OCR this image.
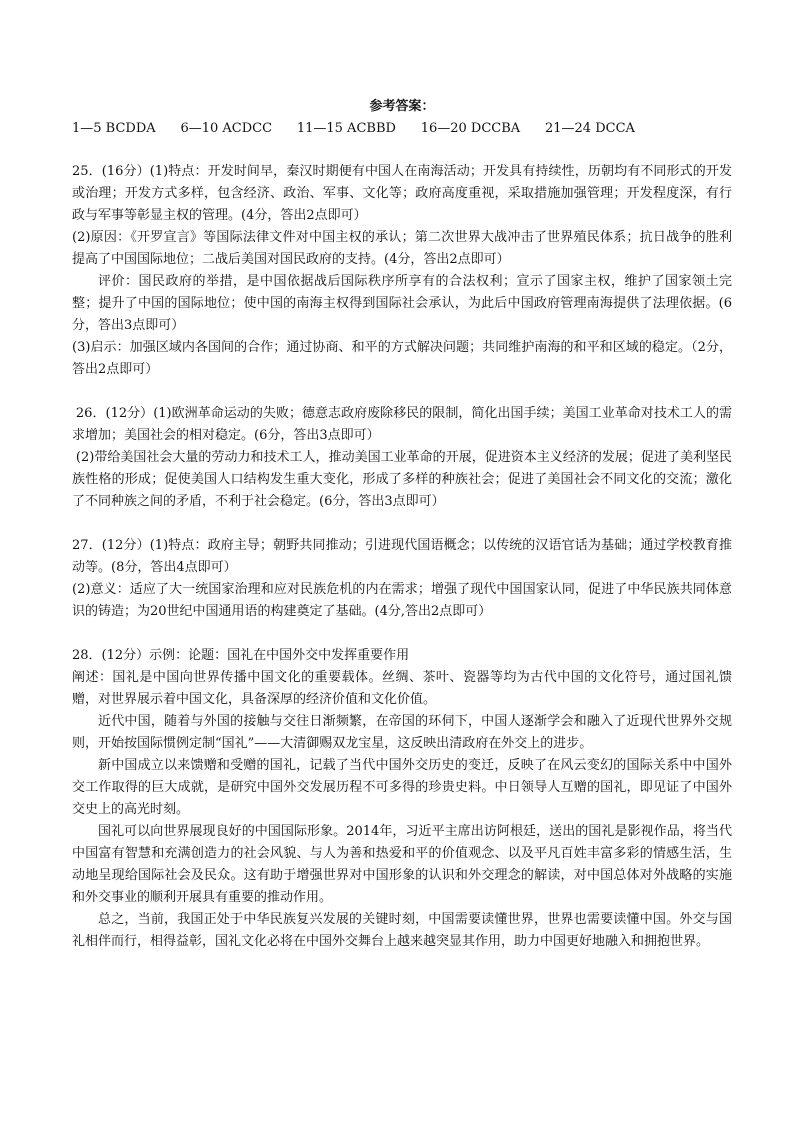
参考答案：

1—5 BCDDA      6—10 ACDCC      11—15 ACBBD      16—20 DCCBA      21—24 DCCA

25．(16分）(1)特点：开发时间早，秦汉时期便有中国人在南海活动；开发具有持续性，历朝均有不同形式的开发或治理；开发方式多样，包含经济、政治、军事、文化等；政府高度重视，采取措施加强管理；开发程度深，有行政与军事等彰显主权的管理。(4分，答出2点即可）

(2)原因：《开罗宣言》等国际法律文件对中国主权的承认；第二次世界大战冲击了世界殖民体系；抗日战争的胜利提高了中国国际地位；二战后美国对国民政府的支持。(4分，答出2点即可）

评价：国民政府的举措，是中国依据战后国际秩序所享有的合法权利；宣示了国家主权，维护了国家领土完整；提升了中国的国际地位；使中国的南海主权得到国际社会承认，为此后中国政府管理南海提供了法理依据。(6分，答出3点即可）

(3)启示：加强区域内各国间的合作；通过协商、和平的方式解决问题；共同维护南海的和平和区域的稳定。（2分，答出2点即可）

26．(12分）(1)欧洲革命运动的失败；德意志政府废除移民的限制，简化出国手续；美国工业革命对技术工人的需求增加；美国社会的相对稳定。(6分，答出3点即可）

(2)带给美国社会大量的劳动力和技术工人，推动美国工业革命的开展，促进资本主义经济的发展；促进了美利坚民族性格的形成；促使美国人口结构发生重大变化，形成了多样的种族社会；促进了美国社会不同文化的交流；激化了不同种族之间的矛盾，不利于社会稳定。(6分，答出3点即可）

27．(12分）(1)特点：政府主导；朝野共同推动；引进现代国语概念；以传统的汉语官话为基础；通过学校教育推动等。(8分，答出4点即可）

(2)意义：适应了大一统国家治理和应对民族危机的内在需求；增强了现代中国国家认同，促进了中华民族共同体意识的铸造；为20世纪中国通用语的构建奠定了基础。(4分,答出2点即可）

28．(12分）示例：论题：国礼在中国外交中发挥重要作用

阐述：国礼是中国向世界传播中国文化的重要载体。丝绸、茶叶、瓷器等均为古代中国的文化符号，通过国礼馈赠，对世界展示着中国文化，具备深厚的经济价值和文化价值。

近代中国，随着与外国的接触与交往日渐频繁，在帝国的环伺下，中国人逐渐学会和融入了近现代世界外交规则，开始按国际惯例定制“国礼”——大清御赐双龙宝星，这反映出清政府在外交上的进步。

新中国成立以来馈赠和受赠的国礼，记载了当代中国外交历史的变迁，反映了在风云变幻的国际关系中中国外交工作取得的巨大成就，是研究中国外交发展历程不可多得的珍贵史料。中日领导人互赠的国礼，即见证了中国外交史上的高光时刻。

国礼可以向世界展现良好的中国国际形象。2014年，习近平主席出访阿根廷，送出的国礼是影视作品，将当代中国富有智慧和充满创造力的社会风貌、与人为善和热爱和平的价值观念、以及平凡百姓丰富多彩的情感生活，生动地呈现给国际社会及民众。这有助于增强世界对中国形象的认识和外交理念的解读，对中国总体对外战略的实施和外交事业的顺利开展具有重要的推动作用。

总之，当前，我国正处于中华民族复兴发展的关键时刻，中国需要读懂世界，世界也需要读懂中国。外交与国礼相伴而行，相得益彰，国礼文化必将在中国外交舞台上越来越突显其作用，助力中国更好地融入和拥抱世界。
